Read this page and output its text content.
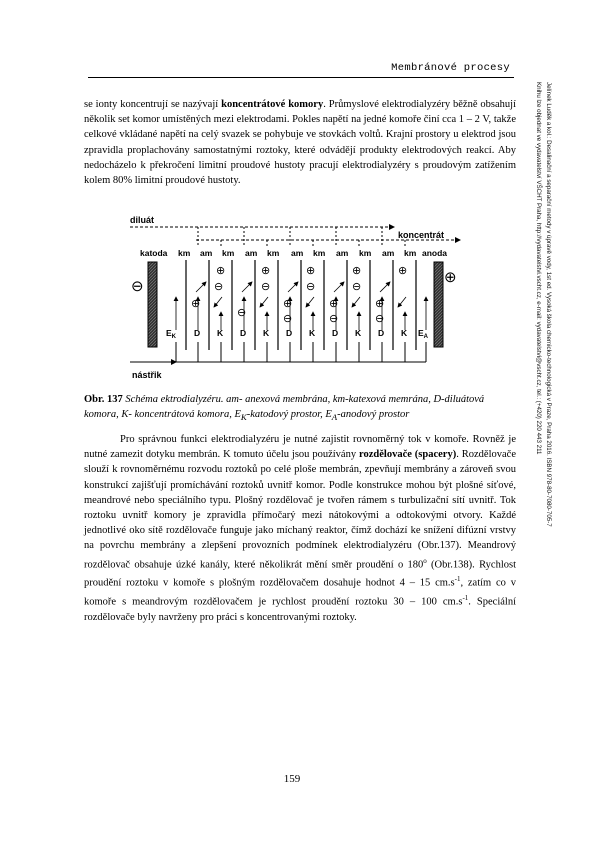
Membránové procesy
Jelínek Luděk a kol.: Desalinační a separační metody v úpravě vody, 1st ed. Vysoká škola chemicko-technologická v Praze, Praha 2016. ISBN 978-80-7080-705-7
Knihu lze objednat ve vydavatelství VŠCHT Praha, http://vydavatelstvi.vscht.cz, e-mail: vydavatelstvi@vscht.cz, tel.: (+420) 220 443 211

se ionty koncentrují se nazývají koncentrátové komory. Průmyslové elektrodialyzéry běžně obsahují několik set komor umístěných mezi elektrodami. Pokles napětí na jedné komoře činí cca 1 – 2 V, takže celkové vkládané napětí na celý svazek se pohybuje ve stovkách voltů. Krajní prostory u elektrod jsou zpravidla proplachovány samostatnými roztoky, které odvádějí produkty elektrodových reakcí. Aby nedocházelo k překročení limitní proudové hustoty pracují elektrodialyzéry s proudovým zatížením kolem 80% limitní proudové hustoty.

diluát
koncentrát
katoda	anoda
km am km am km am km am km am km
⊖
⊕
⊕
⊖
⊕
⊖
⊕
⊖
⊕
⊖
⊕
⊖
⊕
⊖
⊕
⊖
⊕
⊖
⊕
$E_K$ D K D K D K D K D K $E_A$
nástřik

Obr. 137 Schéma ektrodialyzéru. am- anexová membrána, km-katexová memrána, D-diluátová komora, K- koncentrátová komora, $E_K$-katodový prostor, $E_A$-anodový prostor

Pro správnou funkci elektrodialyzéru je nutné zajistit rovnoměrný tok v komoře. Rovněž je nutné zamezit dotyku membrán. K tomuto účelu jsou používány rozdělovače (spacery). Rozdělovače slouží k rovnoměrnému rozvodu roztoků po celé ploše membrán, zpevňují membrány a zároveň svou konstrukcí zajišťují promíchávání roztoků uvnitř komor. Podle konstrukce mohou být plošné síťové, meandrové nebo speciálního typu. Plošný rozdělovač je tvořen rámem s turbulizační sítí uvnitř. Tok roztoku uvnitř komory je zpravidla přímočarý mezi nátokovými a odtokovými otvory. Každé jednotlivé oko sítě rozdělovače funguje jako míchaný reaktor, čímž dochází ke snížení difúzní vrstvy na povrchu membrány a zlepšení provozních podmínek elektrodialyzéru (Obr.137). Meandrový rozdělovač obsahuje úzké kanály, které několikrát mění směr proudění o 180$^o$ (Obr.138). Rychlost proudění roztoku v komoře s plošným rozdělovačem dosahuje hodnot 4 – 15 $cm.s^{-1}$, zatím co v komoře s meandrovým rozdělovačem je rychlost proudění roztoku 30 – 100 $cm.s^{-1}$. Speciální rozdělovače byly navrženy pro práci s koncentrovanými roztoky.

159
